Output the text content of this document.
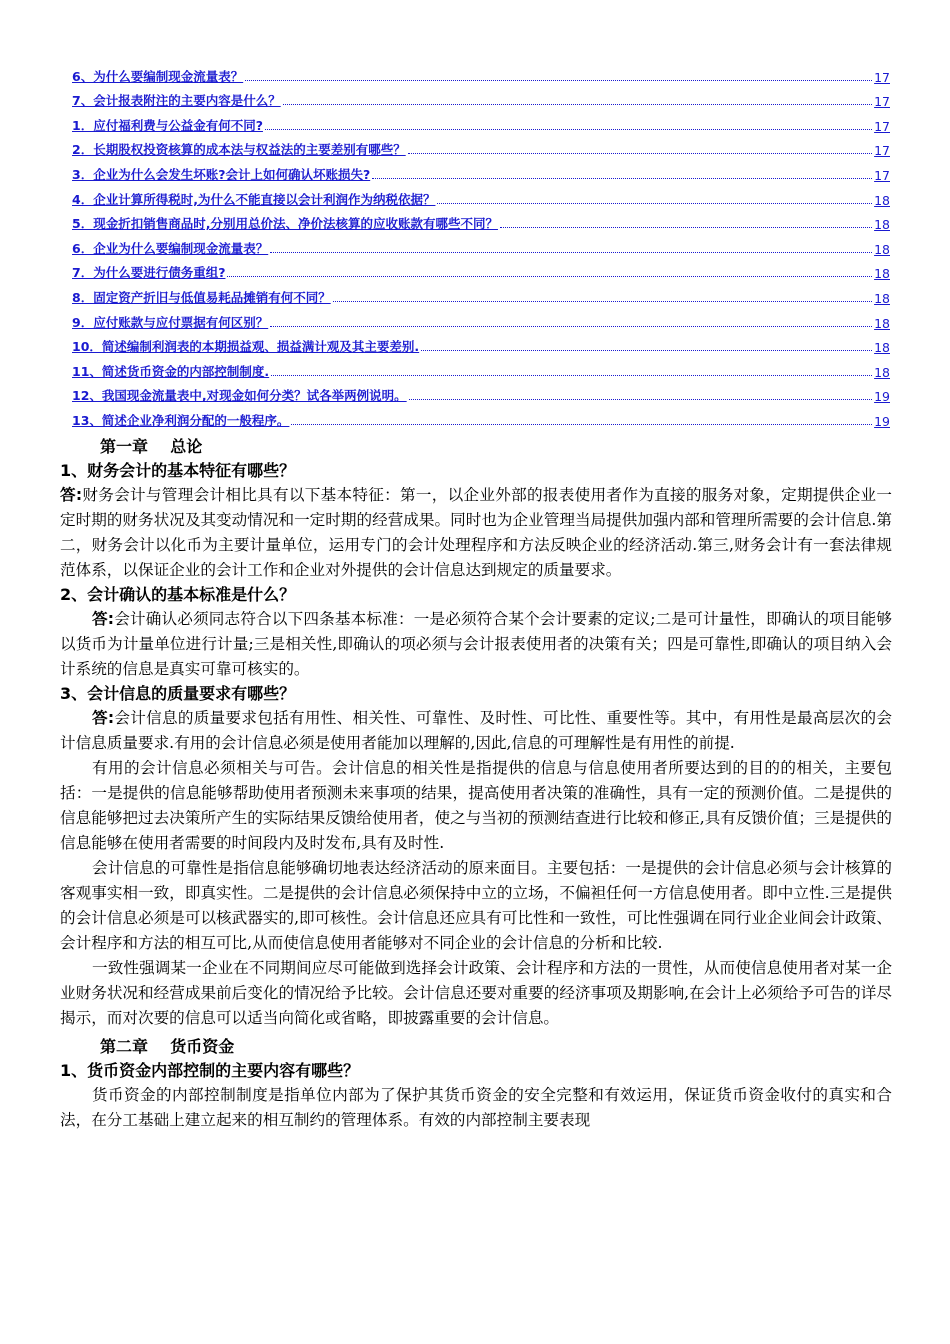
6、为什么要编制现金流量表？	17
7、会计报表附注的主要内容是什么？	17
1．应付福利费与公益金有何不同?	17
2．长期股权投资核算的成本法与权益法的主要差别有哪些？	17
3．企业为什么会发生坏账?会计上如何确认坏账损失?	17
4．企业计算所得税时,为什么不能直接以会计利润作为纳税依据？	18
5．现金折扣销售商品时,分别用总价法、净价法核算的应收账款有哪些不同？	18
6．企业为什么要编制现金流量表？	18
7．为什么要进行债务重组?	18
8．固定资产折旧与低值易耗品摊销有何不同？	18
9．应付账款与应付票据有何区别？	18
10．简述编制利润表的本期损益观、损益满计观及其主要差别.	18
11、简述货币资金的内部控制制度.	18
12、我国现金流量表中,对现金如何分类？试各举两例说明。	19
13、简述企业净利润分配的一般程序。	19
第一章    总论
1、财务会计的基本特征有哪些？

答:财务会计与管理会计相比具有以下基本特征：第一，以企业外部的报表使用者作为直接的服务对象，定期提供企业一定时期的财务状况及其变动情况和一定时期的经营成果。同时也为企业管理当局提供加强内部和管理所需要的会计信息.第二，财务会计以化币为主要计量单位，运用专门的会计处理程序和方法反映企业的经济活动.第三,财务会计有一套法律规范体系，以保证企业的会计工作和企业对外提供的会计信息达到规定的质量要求。

2、会计确认的基本标准是什么？

答:会计确认必须同志符合以下四条基本标准：一是必须符合某个会计要素的定议;二是可计量性，即确认的项目能够以货币为计量单位进行计量;三是相关性,即确认的项必须与会计报表使用者的决策有关；四是可靠性,即确认的项目纳入会计系统的信息是真实可靠可核实的。

3、会计信息的质量要求有哪些？

答:会计信息的质量要求包括有用性、相关性、可靠性、及时性、可比性、重要性等。其中，有用性是最高层次的会计信息质量要求.有用的会计信息必须是使用者能加以理解的,因此,信息的可理解性是有用性的前提.

有用的会计信息必须相关与可告。会计信息的相关性是指提供的信息与信息使用者所要达到的目的的相关，主要包括：一是提供的信息能够帮助使用者预测未来事项的结果，提高使用者决策的准确性，具有一定的预测价值。二是提供的信息能够把过去决策所产生的实际结果反馈给使用者，使之与当初的预测结查进行比较和修正,具有反馈价值；三是提供的信息能够在使用者需要的时间段内及时发布,具有及时性.

会计信息的可靠性是指信息能够确切地表达经济活动的原来面目。主要包括：一是提供的会计信息必须与会计核算的客观事实相一致，即真实性。二是提供的会计信息必须保持中立的立场，不偏袒任何一方信息使用者。即中立性.三是提供的会计信息必须是可以核武器实的,即可核性。会计信息还应具有可比性和一致性，可比性强调在同行业企业间会计政策、会计程序和方法的相互可比,从而使信息使用者能够对不同企业的会计信息的分析和比较.

一致性强调某一企业在不同期间应尽可能做到选择会计政策、会计程序和方法的一贯性，从而使信息使用者对某一企业财务状况和经营成果前后变化的情况给予比较。会计信息还要对重要的经济事项及期影响,在会计上必须给予可告的详尽揭示，而对次要的信息可以适当向简化或省略，即披露重要的会计信息。

第二章    货币资金
1、货币资金内部控制的主要内容有哪些？

货币资金的内部控制制度是指单位内部为了保护其货币资金的安全完整和有效运用，保证货币资金收付的真实和合法，在分工基础上建立起来的相互制约的管理体系。有效的内部控制主要表现
